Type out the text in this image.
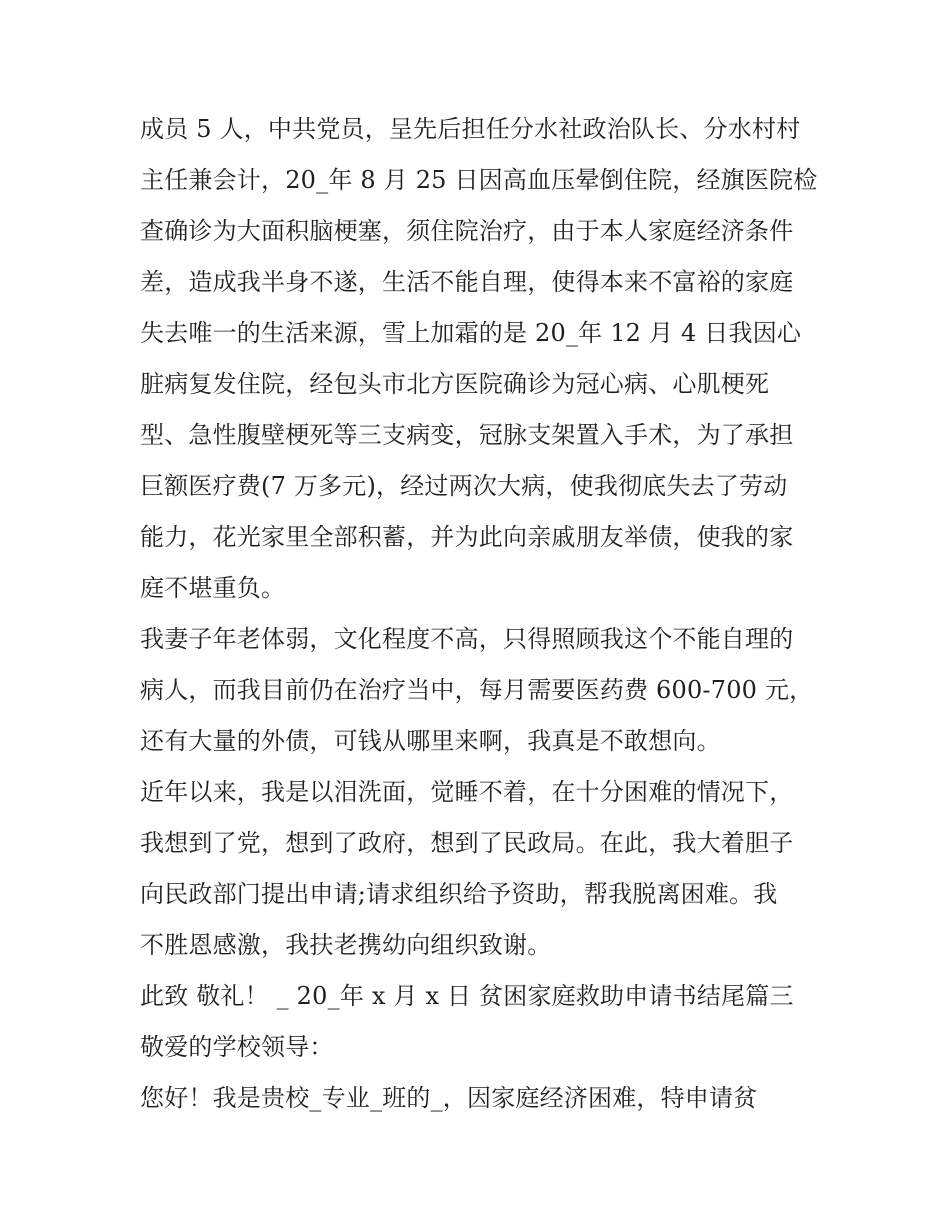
成员 5 人，中共党员，呈先后担任分水社政治队长、分水村村
主任兼会计，20_年 8 月 25 日因高血压晕倒住院，经旗医院检
查确诊为大面积脑梗塞，须住院治疗，由于本人家庭经济条件
差，造成我半身不遂，生活不能自理，使得本来不富裕的家庭
失去唯一的生活来源，雪上加霜的是 20_年 12 月 4 日我因心
脏病复发住院，经包头市北方医院确诊为冠心病、心肌梗死
型、急性腹壁梗死等三支病变，冠脉支架置入手术，为了承担
巨额医疗费(7 万多元)，经过两次大病，使我彻底失去了劳动
能力，花光家里全部积蓄，并为此向亲戚朋友举债，使我的家
庭不堪重负。

我妻子年老体弱，文化程度不高，只得照顾我这个不能自理的
病人，而我目前仍在治疗当中，每月需要医药费 600-700 元，
还有大量的外债，可钱从哪里来啊，我真是不敢想向。

近年以来，我是以泪洗面，觉睡不着，在十分困难的情况下，
我想到了党，想到了政府，想到了民政局。在此，我大着胆子
向民政部门提出申请;请求组织给予资助，帮我脱离困难。我
不胜恩感激，我扶老携幼向组织致谢。

此致 敬礼！ _ 20_年 x 月 x 日 贫困家庭救助申请书结尾篇三
敬爱的学校领导：

您好！我是贵校_专业_班的_，因家庭经济困难，特申请贫
